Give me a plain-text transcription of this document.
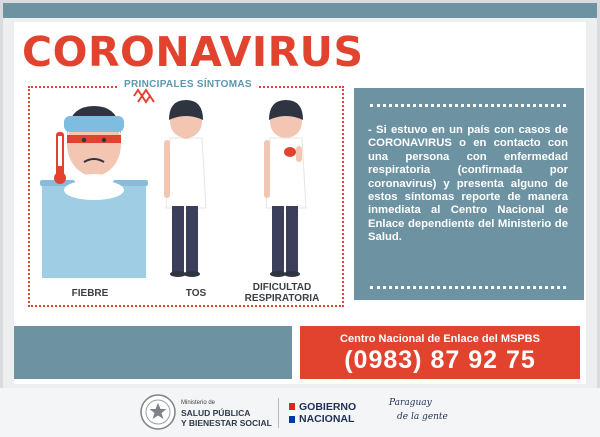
CORONAVIRUS
PRINCIPALES SÍNTOMAS
FIEBRE	TOS
DIFICULTAD
RESPIRATORIA
- Si estuvo en un país con casos de CORONAVIRUS o en contacto con una persona con enfermedad respiratoria (confirmada por coronavirus) y presenta alguno de estos síntomas reporte de manera inmediata al Centro Nacional de Enlace dependiente del Ministerio de Salud.
Centro Nacional de Enlace del MSPBS
(0983) 87 92 75
Ministerio de
SALUD PÚBLICA
Y BIENESTAR SOCIAL
GOBIERNO
NACIONAL
Paraguay
de la gente
